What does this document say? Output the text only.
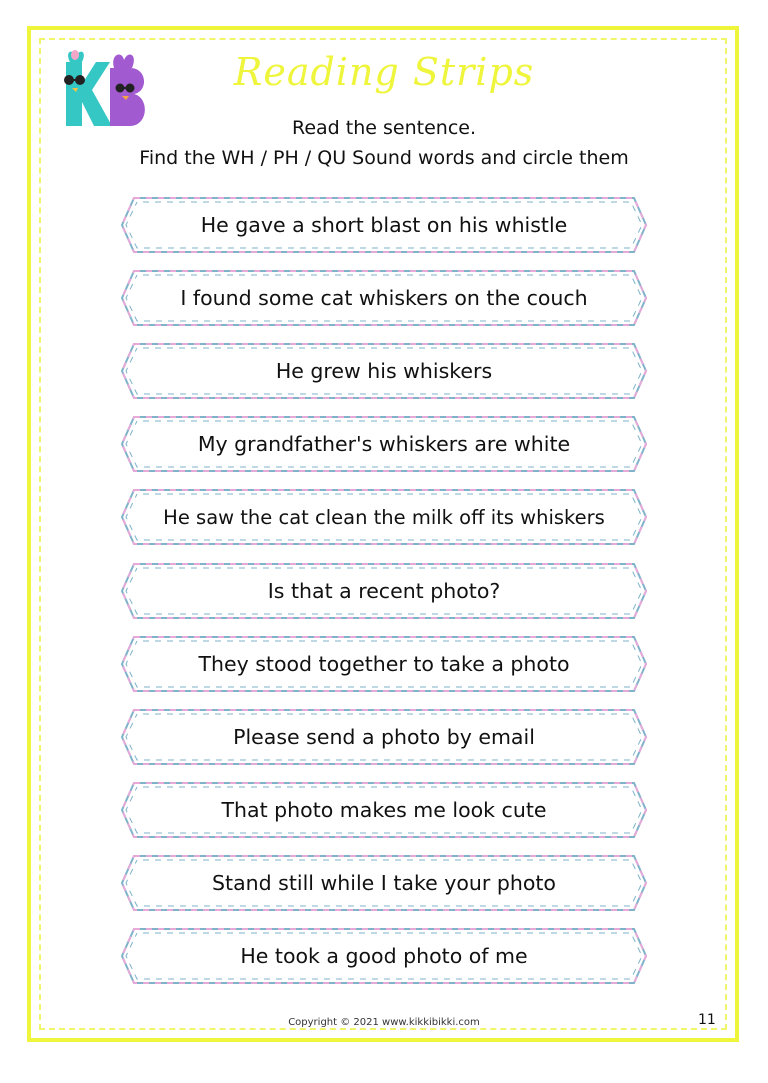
Reading Strips

Read the sentence.

Find the WH / PH / QU Sound words and circle them

He gave a short blast on his whistle
I found some cat whiskers on the couch
He grew his whiskers
My grandfather's whiskers are white
He saw the cat clean the milk off its whiskers
Is that a recent photo?
They stood together to take a photo
Please send a photo by email
That photo makes me look cute
Stand still while I take your photo
He took a good photo of me
Copyright © 2021 www.kikkibikki.com	11
